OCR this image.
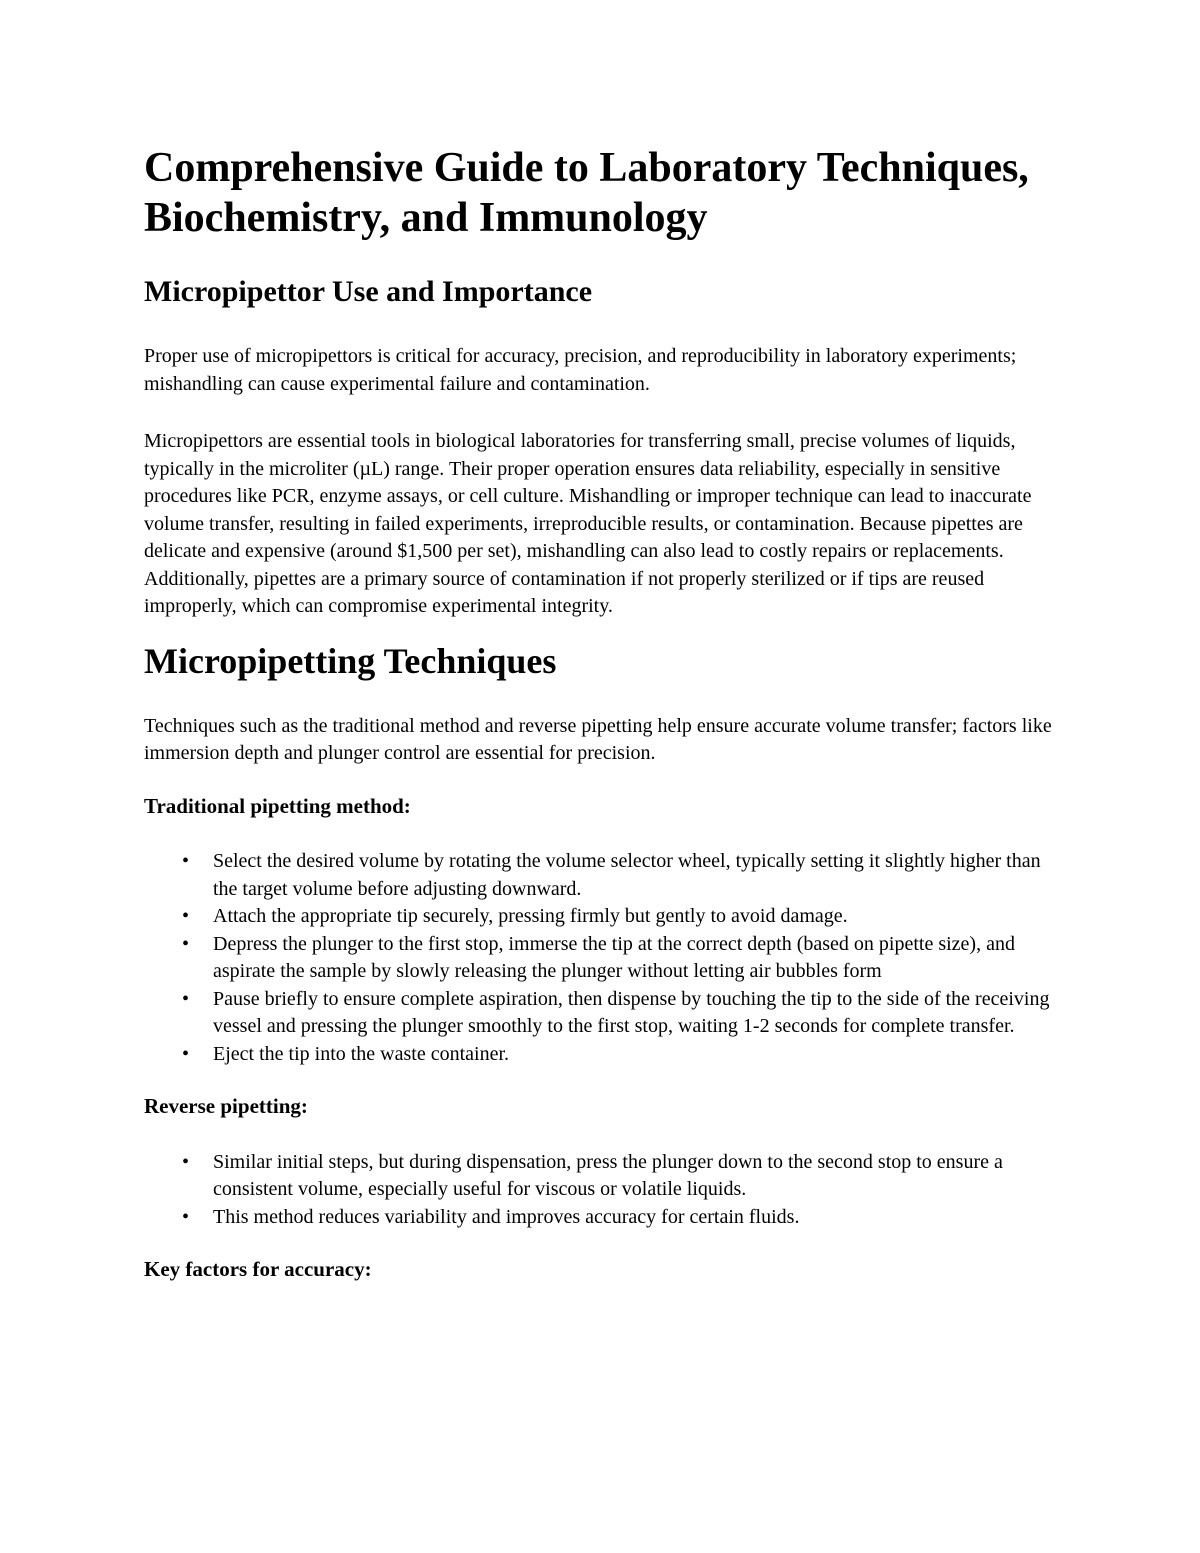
Comprehensive Guide to Laboratory Techniques, Biochemistry, and Immunology
Micropipettor Use and Importance

Proper use of micropipettors is critical for accuracy, precision, and reproducibility in laboratory experiments; mishandling can cause experimental failure and contamination.

Micropipettors are essential tools in biological laboratories for transferring small, precise volumes of liquids, typically in the microliter (µL) range. Their proper operation ensures data reliability, especially in sensitive procedures like PCR, enzyme assays, or cell culture. Mishandling or improper technique can lead to inaccurate volume transfer, resulting in failed experiments, irreproducible results, or contamination. Because pipettes are delicate and expensive (around $1,500 per set), mishandling can also lead to costly repairs or replacements. Additionally, pipettes are a primary source of contamination if not properly sterilized or if tips are reused improperly, which can compromise experimental integrity.

Micropipetting Techniques

Techniques such as the traditional method and reverse pipetting help ensure accurate volume transfer; factors like immersion depth and plunger control are essential for precision.

Traditional pipetting method:
• Select the desired volume by rotating the volume selector wheel, typically setting it slightly higher than the target volume before adjusting downward.
• Attach the appropriate tip securely, pressing firmly but gently to avoid damage.
• Depress the plunger to the first stop, immerse the tip at the correct depth (based on pipette size), and aspirate the sample by slowly releasing the plunger without letting air bubbles form
• Pause briefly to ensure complete aspiration, then dispense by touching the tip to the side of the receiving vessel and pressing the plunger smoothly to the first stop, waiting 1-2 seconds for complete transfer.
• Eject the tip into the waste container.
Reverse pipetting:
• Similar initial steps, but during dispensation, press the plunger down to the second stop to ensure a consistent volume, especially useful for viscous or volatile liquids.
• This method reduces variability and improves accuracy for certain fluids.
Key factors for accuracy:
